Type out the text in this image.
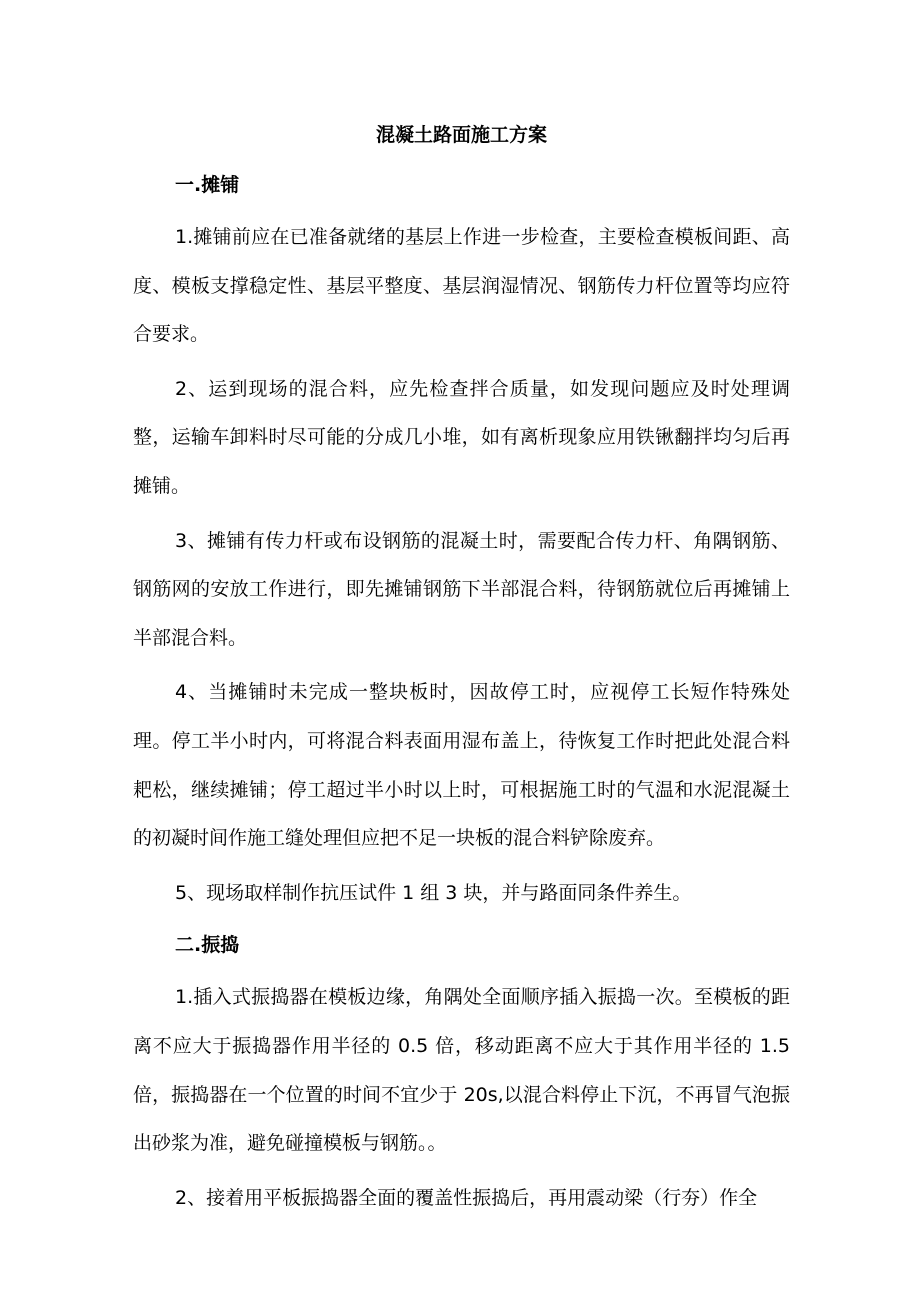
混凝土路面施工方案
一.摊铺

1.摊铺前应在已准备就绪的基层上作进一步检查，主要检查模板间距、高度、模板支撑稳定性、基层平整度、基层润湿情况、钢筋传力杆位置等均应符合要求。

2、运到现场的混合料，应先检查拌合质量，如发现问题应及时处理调整，运输车卸料时尽可能的分成几小堆，如有离析现象应用铁锹翻拌均匀后再摊铺。

3、摊铺有传力杆或布设钢筋的混凝土时，需要配合传力杆、角隅钢筋、钢筋网的安放工作进行，即先摊铺钢筋下半部混合料，待钢筋就位后再摊铺上半部混合料。

4、当摊铺时未完成一整块板时，因故停工时，应视停工长短作特殊处理。停工半小时内，可将混合料表面用湿布盖上，待恢复工作时把此处混合料耙松，继续摊铺；停工超过半小时以上时，可根据施工时的气温和水泥混凝土的初凝时间作施工缝处理但应把不足一块板的混合料铲除废弃。

5、现场取样制作抗压试件 1 组 3 块，并与路面同条件养生。

二.振捣

1.插入式振捣器在模板边缘，角隅处全面顺序插入振捣一次。至模板的距离不应大于振捣器作用半径的 0.5 倍，移动距离不应大于其作用半径的 1.5 倍，振捣器在一个位置的时间不宜少于 20s,以混合料停止下沉，不再冒气泡振出砂浆为准，避免碰撞模板与钢筋。。

2、接着用平板振捣器全面的覆盖性振捣后，再用震动梁（行夯）作全
